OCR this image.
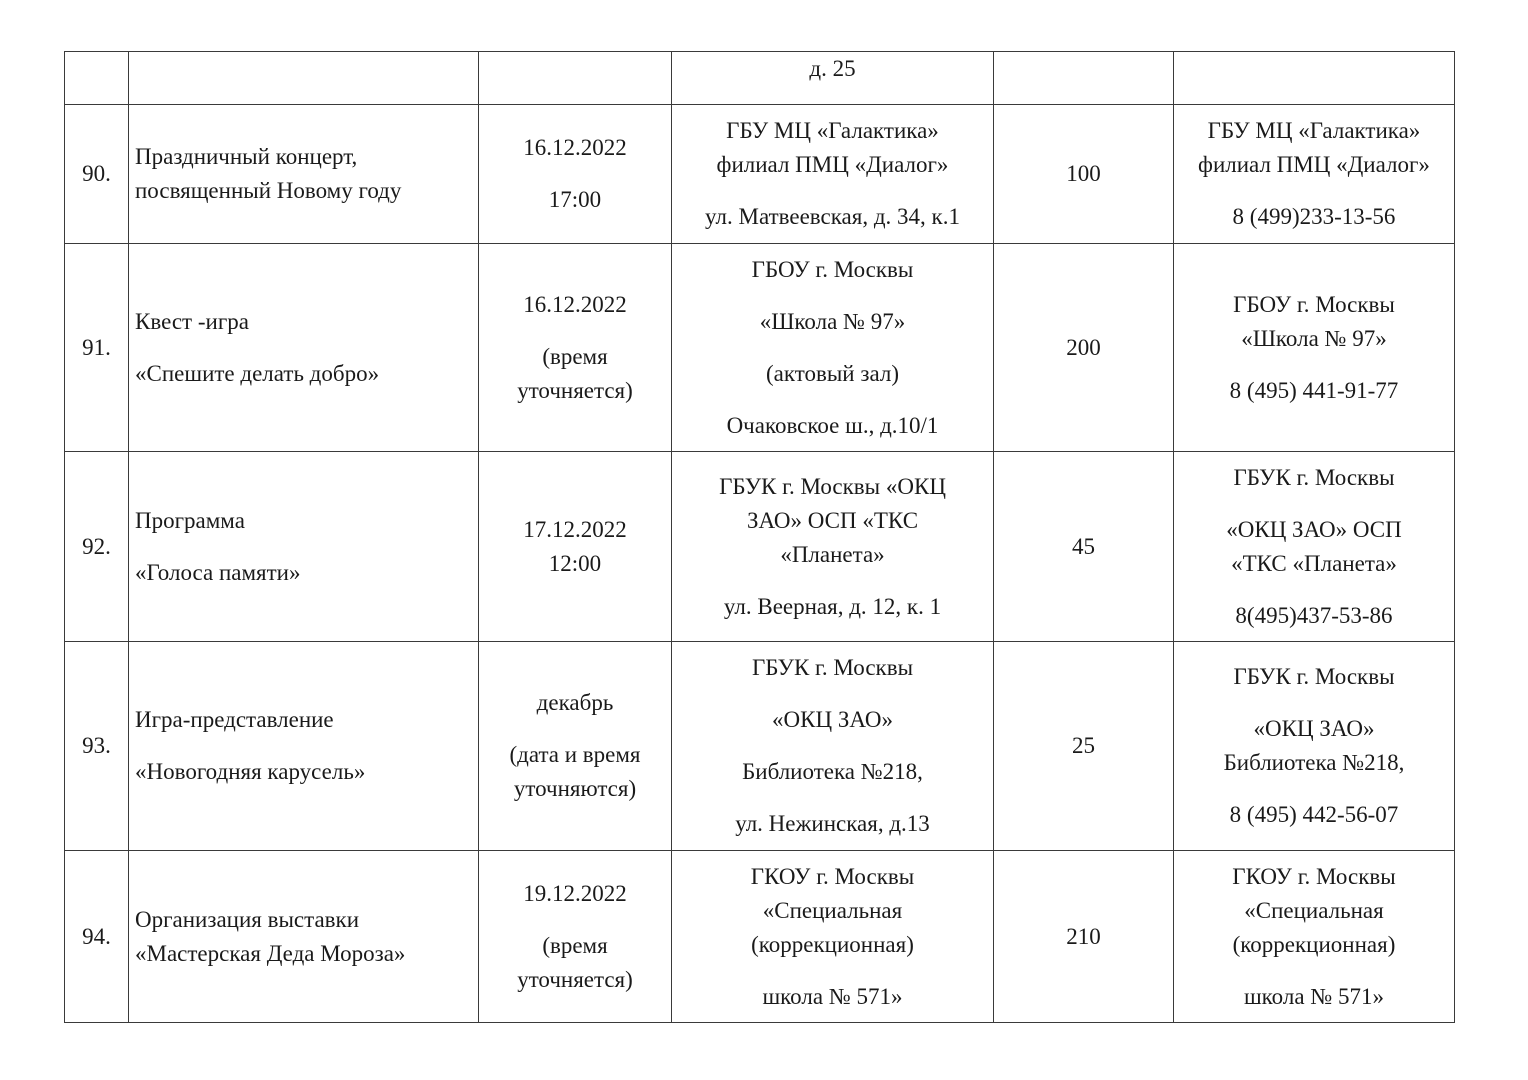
			д. 25		

90.	Праздничный концерт,
посвященный Новому году	16.12.2022
17:00	ГБУ МЦ «Галактика»
филиал ПМЦ «Диалог»
ул. Матвеевская, д. 34, к.1	100	ГБУ МЦ «Галактика»
филиал ПМЦ «Диалог»
8 (499)233-13-56

91.	Квест -игра
«Спешите делать добро»	16.12.2022
(время
уточняется)	ГБОУ г. Москвы
«Школа № 97»
(актовый зал)
Очаковское ш., д.10/1	200	ГБОУ г. Москвы
«Школа № 97»
8 (495) 441-91-77

92.	Программа
«Голоса памяти»	17.12.2022
12:00	ГБУК г. Москвы «ОКЦ
ЗАО» ОСП «ТКС
«Планета»
ул. Веерная, д. 12, к. 1	45	ГБУК г. Москвы
«ОКЦ ЗАО» ОСП
«ТКС «Планета»
8(495)437-53-86

93.	Игра-представление
«Новогодняя карусель»	декабрь
(дата и время
уточняются)	ГБУК г. Москвы
«ОКЦ ЗАО»
Библиотека №218,
ул. Нежинская, д.13	25	ГБУК г. Москвы
«ОКЦ ЗАО»
Библиотека №218,
8 (495) 442-56-07

94.	Организация выставки
«Мастерская Деда Мороза»	19.12.2022
(время
уточняется)	ГКОУ г. Москвы
«Специальная
(коррекционная)
школа № 571»	210	ГКОУ г. Москвы
«Специальная
(коррекционная)
школа № 571»
